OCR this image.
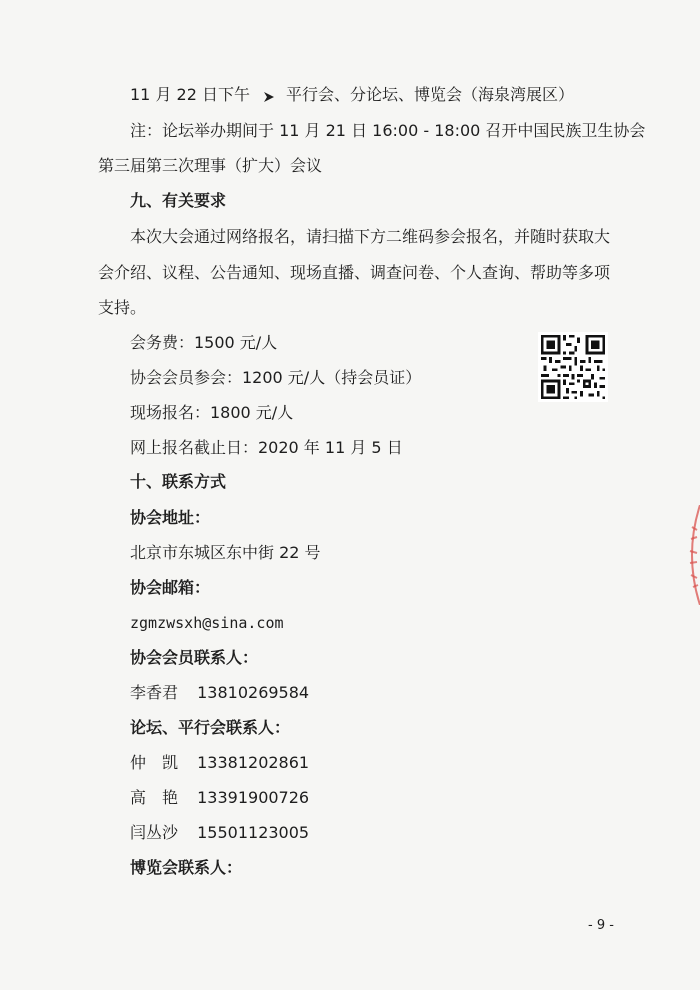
11 月 22 日下午 平行会、分论坛、博览会（海泉湾展区）
注：论坛举办期间于 11 月 21 日 16:00 - 18:00 召开中国民族卫生协会
第三届第三次理事（扩大）会议
九、有关要求
本次大会通过网络报名，请扫描下方二维码参会报名，并随时获取大
会介绍、议程、公告通知、现场直播、调查问卷、个人查询、帮助等多项
支持。
会务费：1500 元/人
协会会员参会：1200 元/人（持会员证）
现场报名：1800 元/人
网上报名截止日：2020 年 11 月 5 日
十、联系方式
协会地址：
北京市东城区东中街 22 号
协会邮箱：
zgmzwsxh@sina.com
协会会员联系人：
李香君 13810269584
论坛、平行会联系人：
仲　凯 13381202861
高　艳 13391900726
闫丛沙 15501123005
博览会联系人：
- 9 -
